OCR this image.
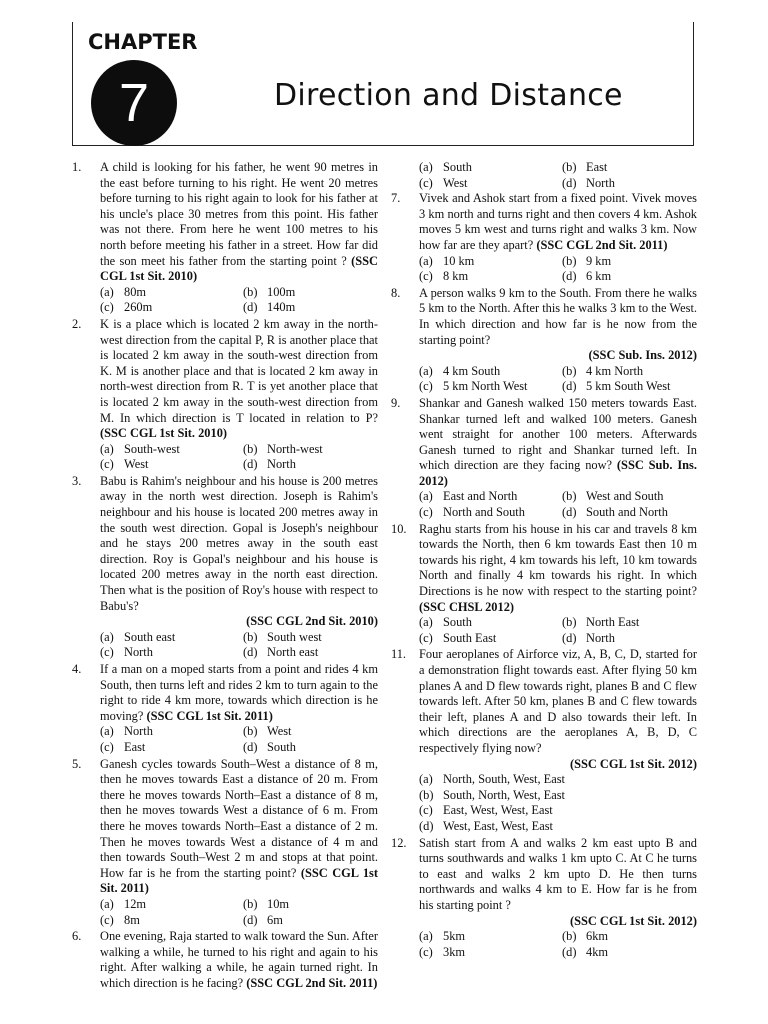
CHAPTER
7	Direction and Distance
1. A child is looking for his father, he went 90 metres in the east before turning to his right. He went 20 metres before turning to his right again to look for his father at his uncle's place 30 metres from this point. His father was not there. From here he went 100 metres to his north before meeting his father in a street. How far did the son meet his father from the starting point ? (SSC CGL 1st Sit. 2010)
(a) 80m	(b) 100m
(c) 260m	(d) 140m
2. K is a place which is located 2 km away in the north-west direction from the capital P, R is another place that is located 2 km away in the south-west direction from K. M is another place and that is located 2 km away in north-west direction from R. T is yet another place that is located 2 km away in the south-west direction from M. In which direction is T located in relation to P? (SSC CGL 1st Sit. 2010)
(a) South-west	(b) North-west
(c) West	(d) North
3. Babu is Rahim's neighbour and his house is 200 metres away in the north west direction. Joseph is Rahim's neighbour and his house is located 200 metres away in the south west direction. Gopal is Joseph's neighbour and he stays 200 metres away in the south east direction. Roy is Gopal's neighbour and his house is located 200 metres away in the north east direction. Then what is the position of Roy's house with respect to Babu's?
(SSC CGL 2nd Sit. 2010)
(a) South east	(b) South west
(c) North	(d) North east
4. If a man on a moped starts from a point and rides 4 km South, then turns left and rides 2 km to turn again to the right to ride 4 km more, towards which direction is he moving? (SSC CGL 1st Sit. 2011)
(a) North	(b) West
(c) East	(d) South
5. Ganesh cycles towards South–West a distance of 8 m, then he moves towards East a distance of 20 m. From there he moves towards North–East a distance of 8 m, then he moves towards West a distance of 6 m. From there he moves towards North–East a distance of 2 m. Then he moves towards West a distance of 4 m and then towards South–West 2 m and stops at that point. How far is he from the starting point? (SSC CGL 1st Sit. 2011)
(a) 12m	(b) 10m
(c) 8m	(d) 6m
6. One evening, Raja started to walk toward the Sun. After walking a while, he turned to his right and again to his right. After walking a while, he again turned right. In which direction is he facing? (SSC CGL 2nd Sit. 2011)
(a) South	(b) East
(c) West	(d) North
7. Vivek and Ashok start from a fixed point. Vivek moves 3 km north and turns right and then covers 4 km. Ashok moves 5 km west and turns right and walks 3 km. Now how far are they apart? (SSC CGL 2nd Sit. 2011)
(a) 10 km	(b) 9 km
(c) 8 km	(d) 6 km
8. A person walks 9 km to the South. From there he walks 5 km to the North. After this he walks 3 km to the West. In which direction and how far is he now from the starting point?
(SSC Sub. Ins. 2012)
(a) 4 km South	(b) 4 km North
(c) 5 km North West	(d) 5 km South West
9. Shankar and Ganesh walked 150 meters towards East. Shankar turned left and walked 100 meters. Ganesh went straight for another 100 meters. Afterwards Ganesh turned to right and Shankar turned left. In which direction are they facing now? (SSC Sub. Ins. 2012)
(a) East and North	(b) West and South
(c) North and South	(d) South and North
10. Raghu starts from his house in his car and travels 8 km towards the North, then 6 km towards East then 10 m towards his right, 4 km towards his left, 10 km towards North and finally 4 km towards his right. In which Directions is he now with respect to the starting point? (SSC CHSL 2012)
(a) South	(b) North East
(c) South East	(d) North
11. Four aeroplanes of Airforce viz, A, B, C, D, started for a demonstration flight towards east. After flying 50 km planes A and D flew towards right, planes B and C flew towards left. After 50 km, planes B and C flew towards their left, planes A and D also towards their left. In which directions are the aeroplanes A, B, D, C respectively flying now?
(SSC CGL 1st Sit. 2012)
(a) North, South, West, East
(b) South, North, West, East
(c) East, West, West, East
(d) West, East, West, East
12. Satish start from A and walks 2 km east upto B and turns southwards and walks 1 km upto C. At C he turns to east and walks 2 km upto D. He then turns northwards and walks 4 km to E. How far is he from his starting point ?
(SSC CGL 1st Sit. 2012)
(a) 5km	(b) 6km
(c) 3km	(d) 4km
